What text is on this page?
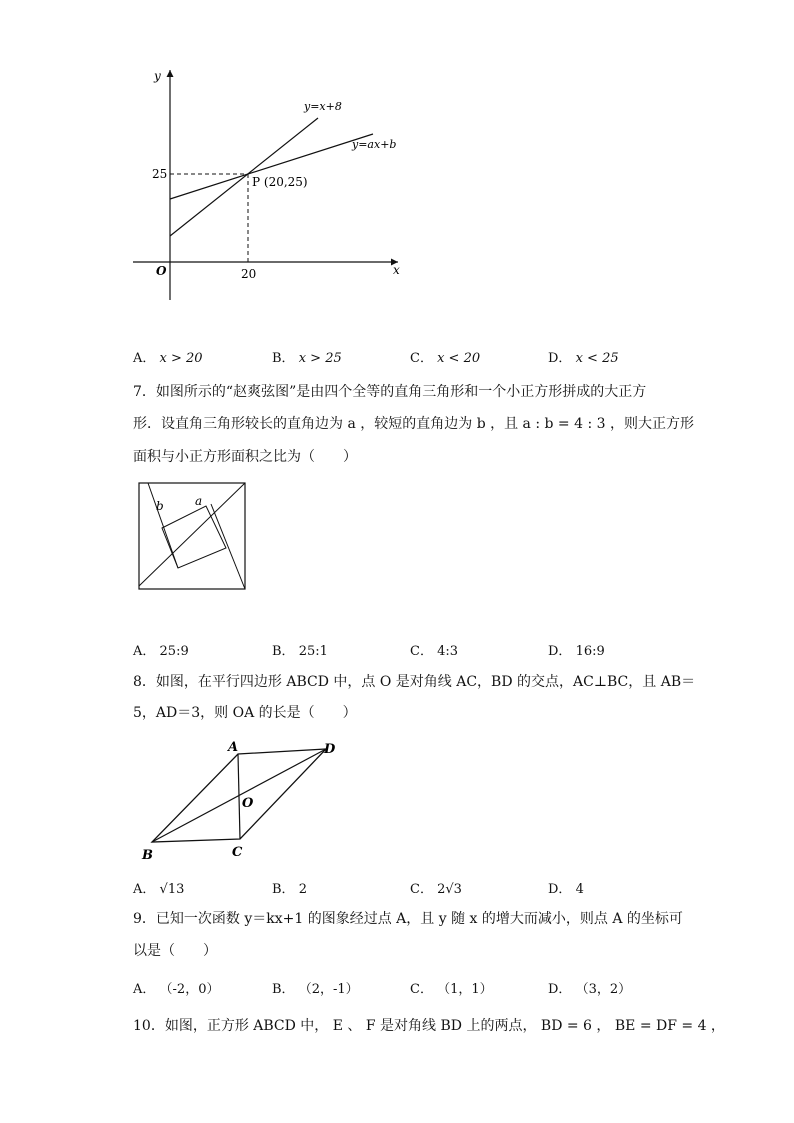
y
x
O
y=x+8
y=ax+b
25
20
P (20,25)
A． x > 20	B． x > 25	C． x < 20	D． x < 25
7．如图所示的“赵爽弦图”是由四个全等的直角三角形和一个小正方形拼成的大正方
形．设直角三角形较长的直角边为 a ，较短的直角边为 b ，且 a : b = 4 : 3 ，则大正方形
面积与小正方形面积之比为（　　）
b	a
A． 25:9	B． 25:1	C． 4:3	D． 16:9
8．如图，在平行四边形 ABCD 中，点 O 是对角线 AC，BD 的交点，AC⊥BC，且 AB＝
5，AD＝3，则 OA 的长是（　　）
A	D
B	C
O
A． √13	B． 2	C． 2√3	D． 4
9．已知一次函数 y＝kx+1 的图象经过点 A，且 y 随 x 的增大而减小，则点 A 的坐标可
以是（　　）
A． （-2，0）	B． （2，-1）	C． （1，1）	D． （3，2）
10．如图，正方形 ABCD 中， E 、 F 是对角线 BD 上的两点， BD = 6 ， BE = DF = 4 ，
